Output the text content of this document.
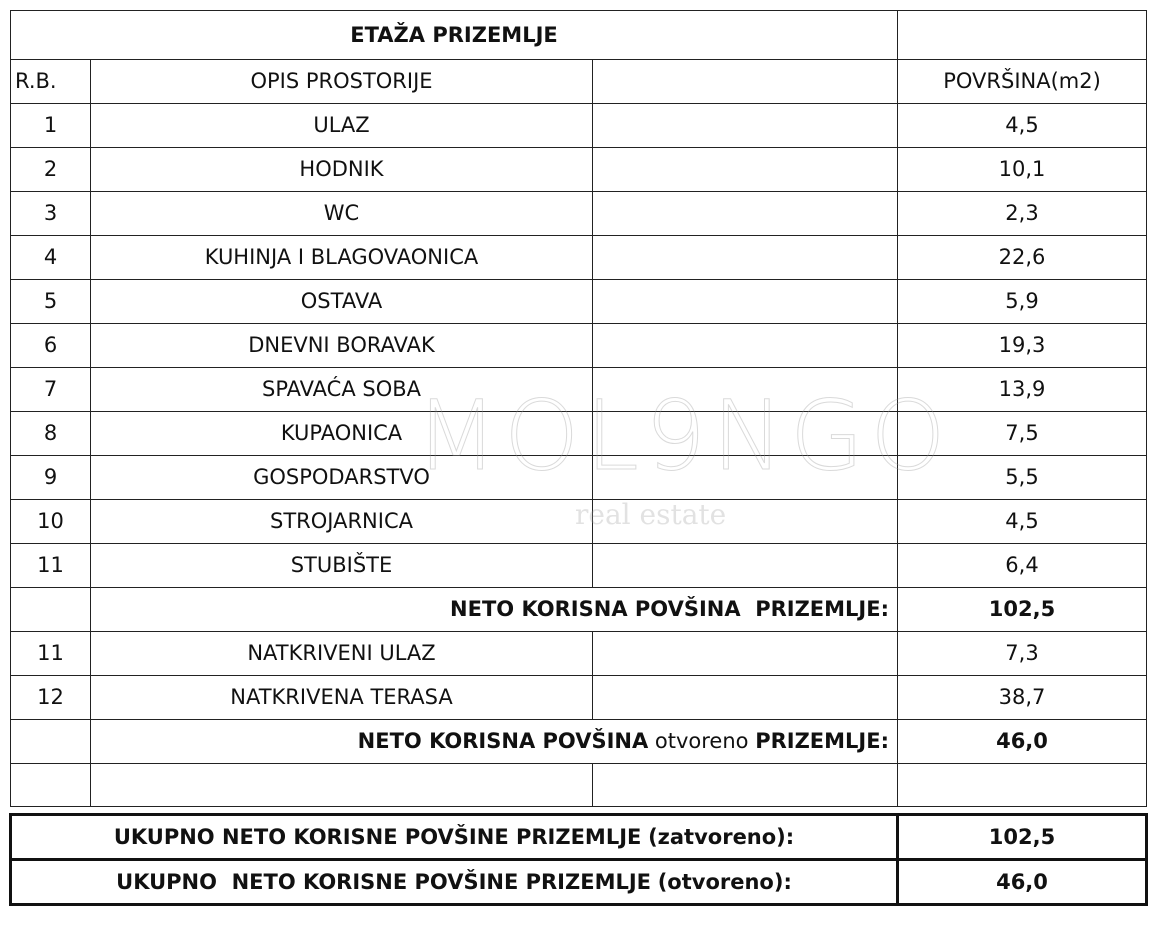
ETAŽA PRIZEMLJE			
R.B.	OPIS PROSTORIJE		POVRŠINA(m2)
1	ULAZ		4,5
2	HODNIK		10,1
3	WC		2,3
4	KUHINJA I BLAGOVAONICA		22,6
5	OSTAVA		5,9
6	DNEVNI BORAVAK		19,3
7	SPAVAĆA SOBA		13,9
8	KUPAONICA		7,5
9	GOSPODARSTVO		5,5
10	STROJARNICA		4,5
11	STUBIŠTE		6,4
	NETO KORISNA POVŠINA  PRIZEMLJE:		102,5
11	NATKRIVENI ULAZ		7,3
12	NATKRIVENA TERASA		38,7
	NETO KORISNA POVŠINA otvoreno PRIZEMLJE:		46,0

UKUPNO NETO KORISNE POVŠINE PRIZEMLJE (zatvoreno):			102,5
UKUPNO  NETO KORISNE POVŠINE PRIZEMLJE (otvoreno):			46,0
MOL9NGO
real estate
